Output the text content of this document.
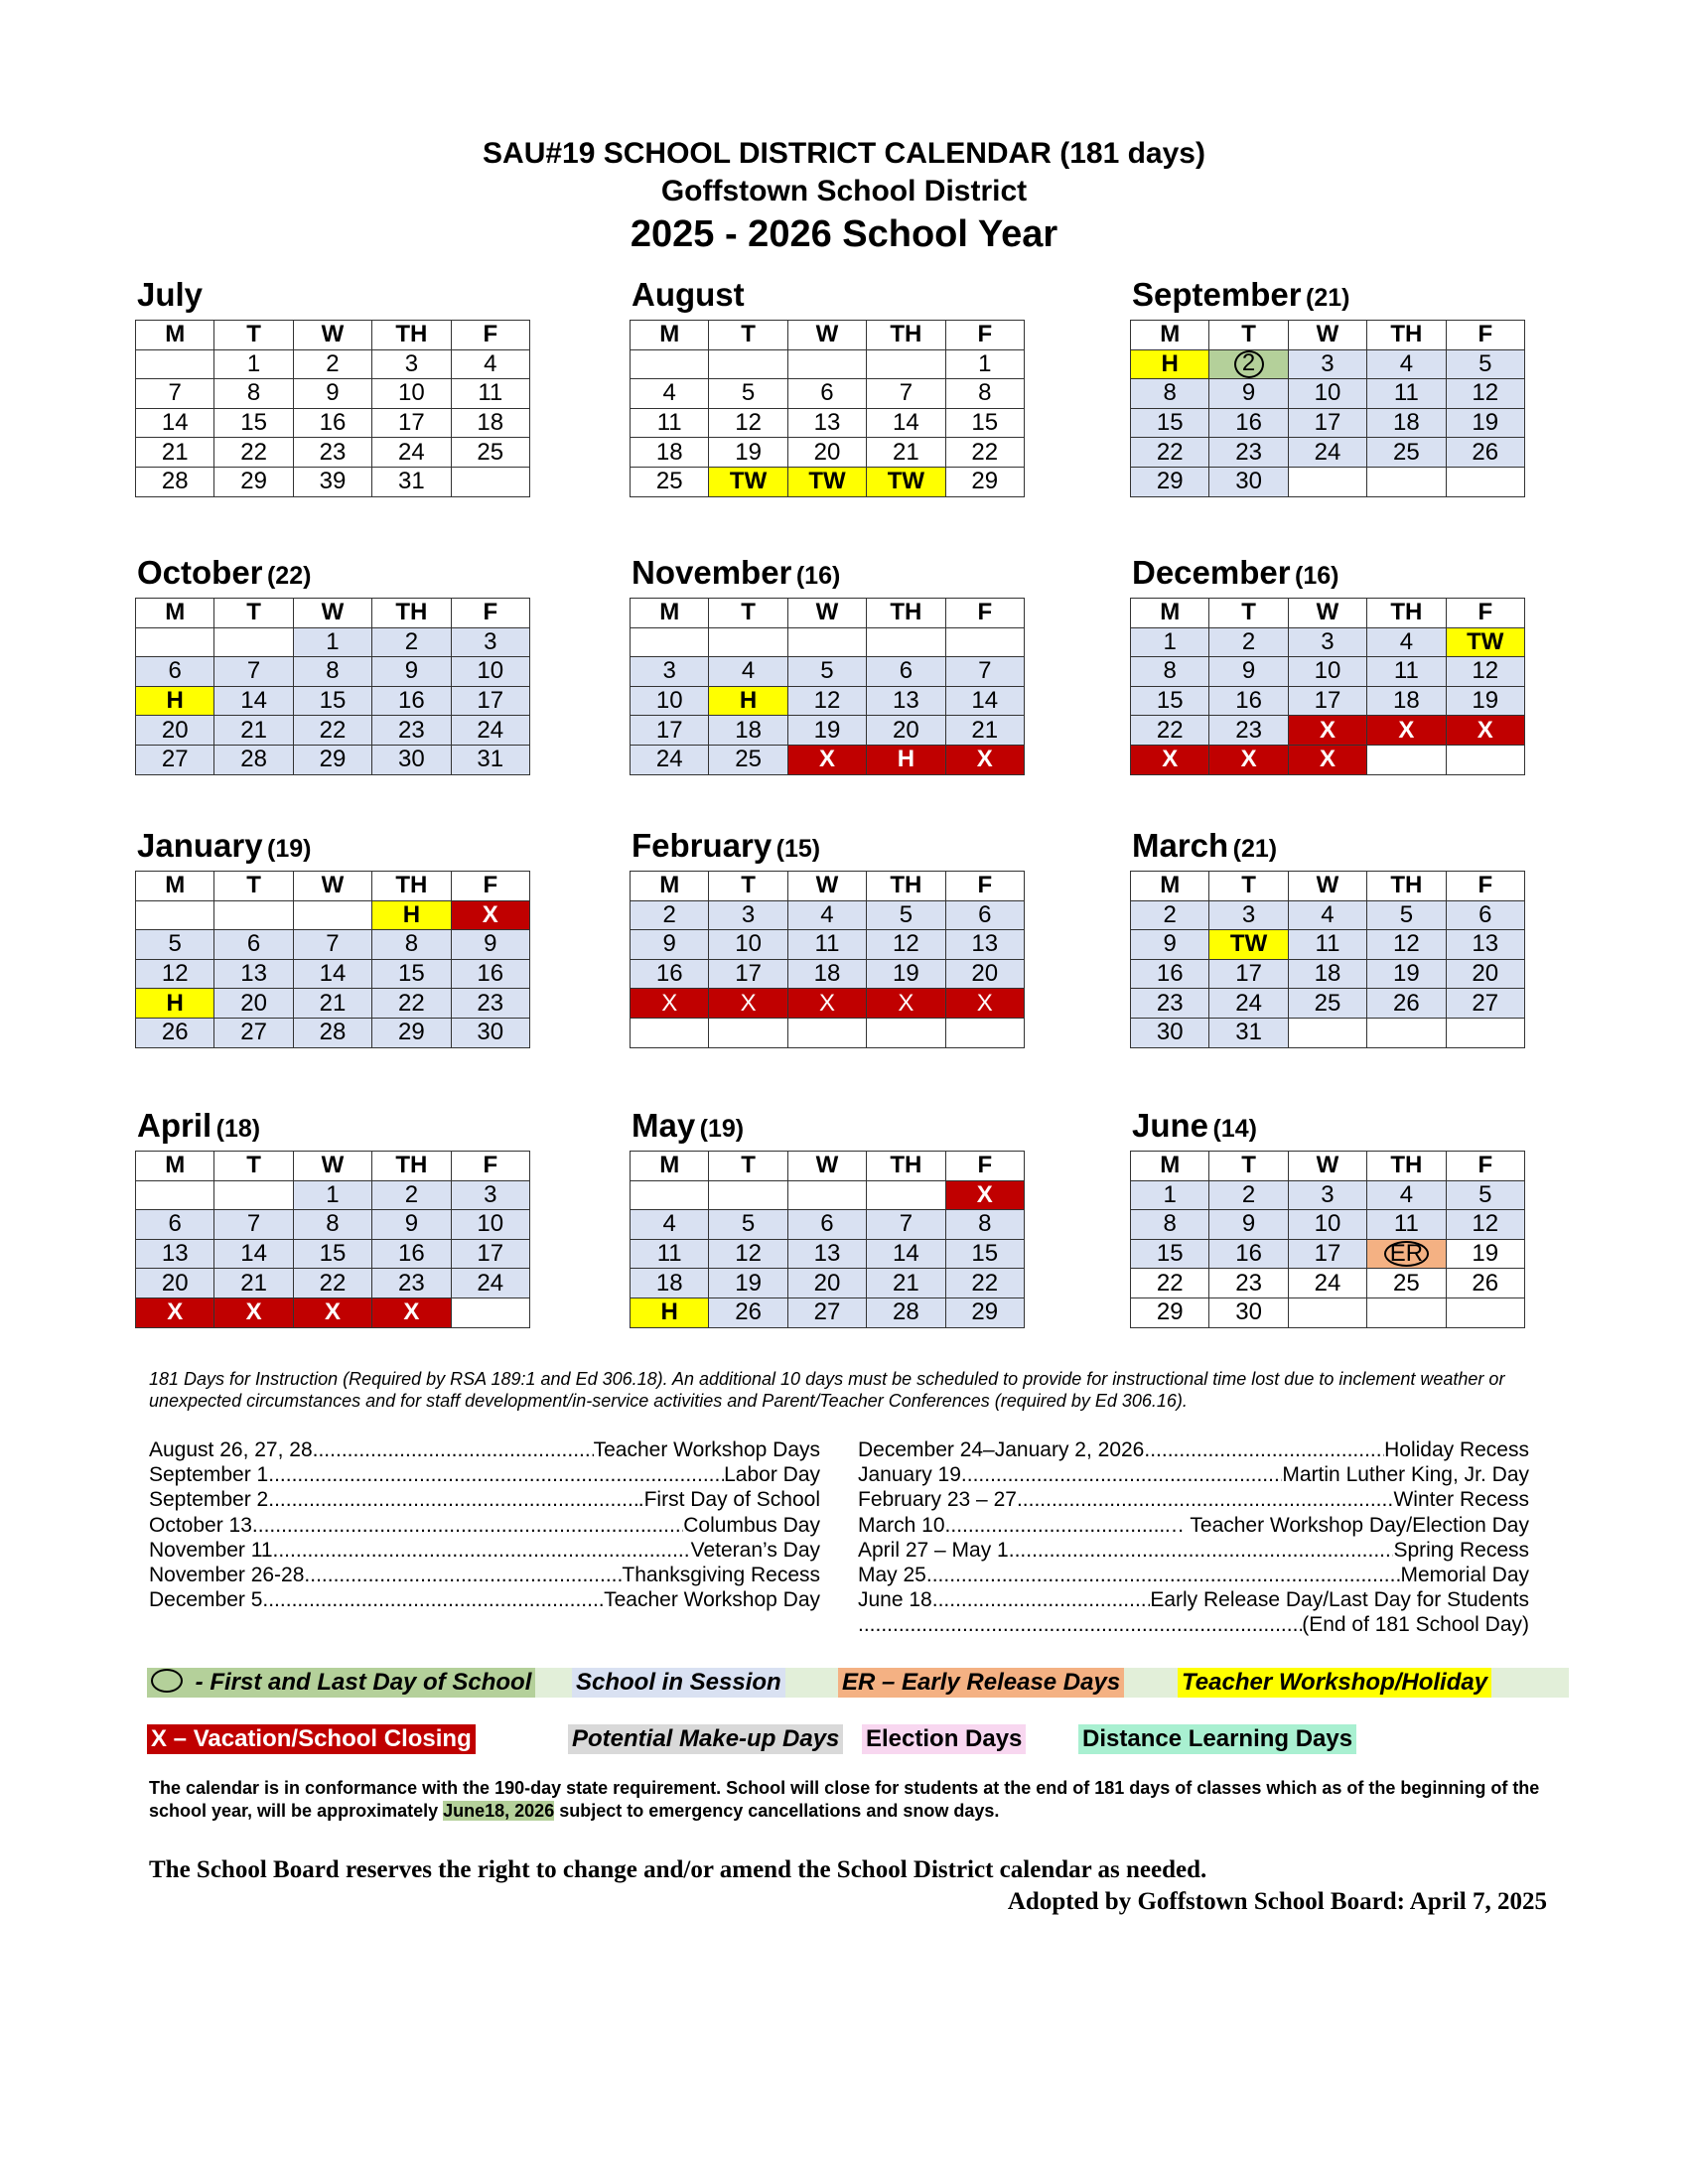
SAU#19 SCHOOL DISTRICT CALENDAR (181 days)
Goffstown School District
2025 - 2026 School Year
July
M	T	W	TH	F
	1	2	3	4
7	8	9	10	11
14	15	16	17	18
21	22	23	24	25
28	29	39	31	
August
M	T	W	TH	F
				1
4	5	6	7	8
11	12	13	14	15
18	19	20	21	22
25	TW	TW	TW	29
September (21)
M	T	W	TH	F
H	2	3	4	5
8	9	10	11	12
15	16	17	18	19
22	23	24	25	26
29	30			
October (22)
M	T	W	TH	F
		1	2	3
6	7	8	9	10
H	14	15	16	17
20	21	22	23	24
27	28	29	30	31
November (16)
M	T	W	TH	F

3	4	5	6	7
10	H	12	13	14
17	18	19	20	21
24	25	X	H	X
December (16)
M	T	W	TH	F
1	2	3	4	TW
8	9	10	11	12
15	16	17	18	19
22	23	X	X	X
X	X	X		
January (19)
M	T	W	TH	F
			H	X
5	6	7	8	9
12	13	14	15	16
H	20	21	22	23
26	27	28	29	30
February (15)
M	T	W	TH	F
2	3	4	5	6
9	10	11	12	13
16	17	18	19	20
X	X	X	X	X

March (21)
M	T	W	TH	F
2	3	4	5	6
9	TW	11	12	13
16	17	18	19	20
23	24	25	26	27
30	31			
April (18)
M	T	W	TH	F
		1	2	3
6	7	8	9	10
13	14	15	16	17
20	21	22	23	24
X	X	X	X	
May (19)
M	T	W	TH	F
				X
4	5	6	7	8
11	12	13	14	15
18	19	20	21	22
H	26	27	28	29
June (14)
M	T	W	TH	F
1	2	3	4	5
8	9	10	11	12
15	16	17	ER	19
22	23	24	25	26
29	30			
181 Days for Instruction (Required by RSA 189:1 and Ed 306.18). An additional 10 days must be scheduled to provide for instructional time lost due to inclement weather or unexpected circumstances and for staff development/in-service activities and Parent/Teacher Conferences (required by Ed 306.16).
August 26, 27, 28 .....	Teacher Workshop Days
September 1 .....	Labor Day
September 2 .....	.First Day of School
October 13 .....	Columbus Day
November 11 .....	Veteran’s Day
November 26-28 .....	Thanksgiving Recess
December 5 .....	Teacher Workshop Day
December 24–January 2, 2026 .....	Holiday Recess
January 19. .....	Martin Luther King, Jr. Day
February 23 – 27 .....	Winter Recess
March 10 .....	… Teacher Workshop Day/Election Day
April 27 – May 1 .....	Spring Recess
May 25 .....	Memorial Day
June 18 .....	Early Release Day/Last Day for Students
.....
(End of 181 School Day)
- First and Last Day of School School in Session	ER – Early Release Days	Teacher Workshop/Holiday
X – Vacation/School Closing	Potential Make-up Days Election Days	Distance Learning Days
The calendar is in conformance with the 190-day state requirement. School will close for students at the end of 181 days of classes which as of the beginning of the school year, will be approximately June18, 2026 subject to emergency cancellations and snow days.
The School Board reserves the right to change and/or amend the School District calendar as needed.
Adopted by Goffstown School Board: April 7, 2025
